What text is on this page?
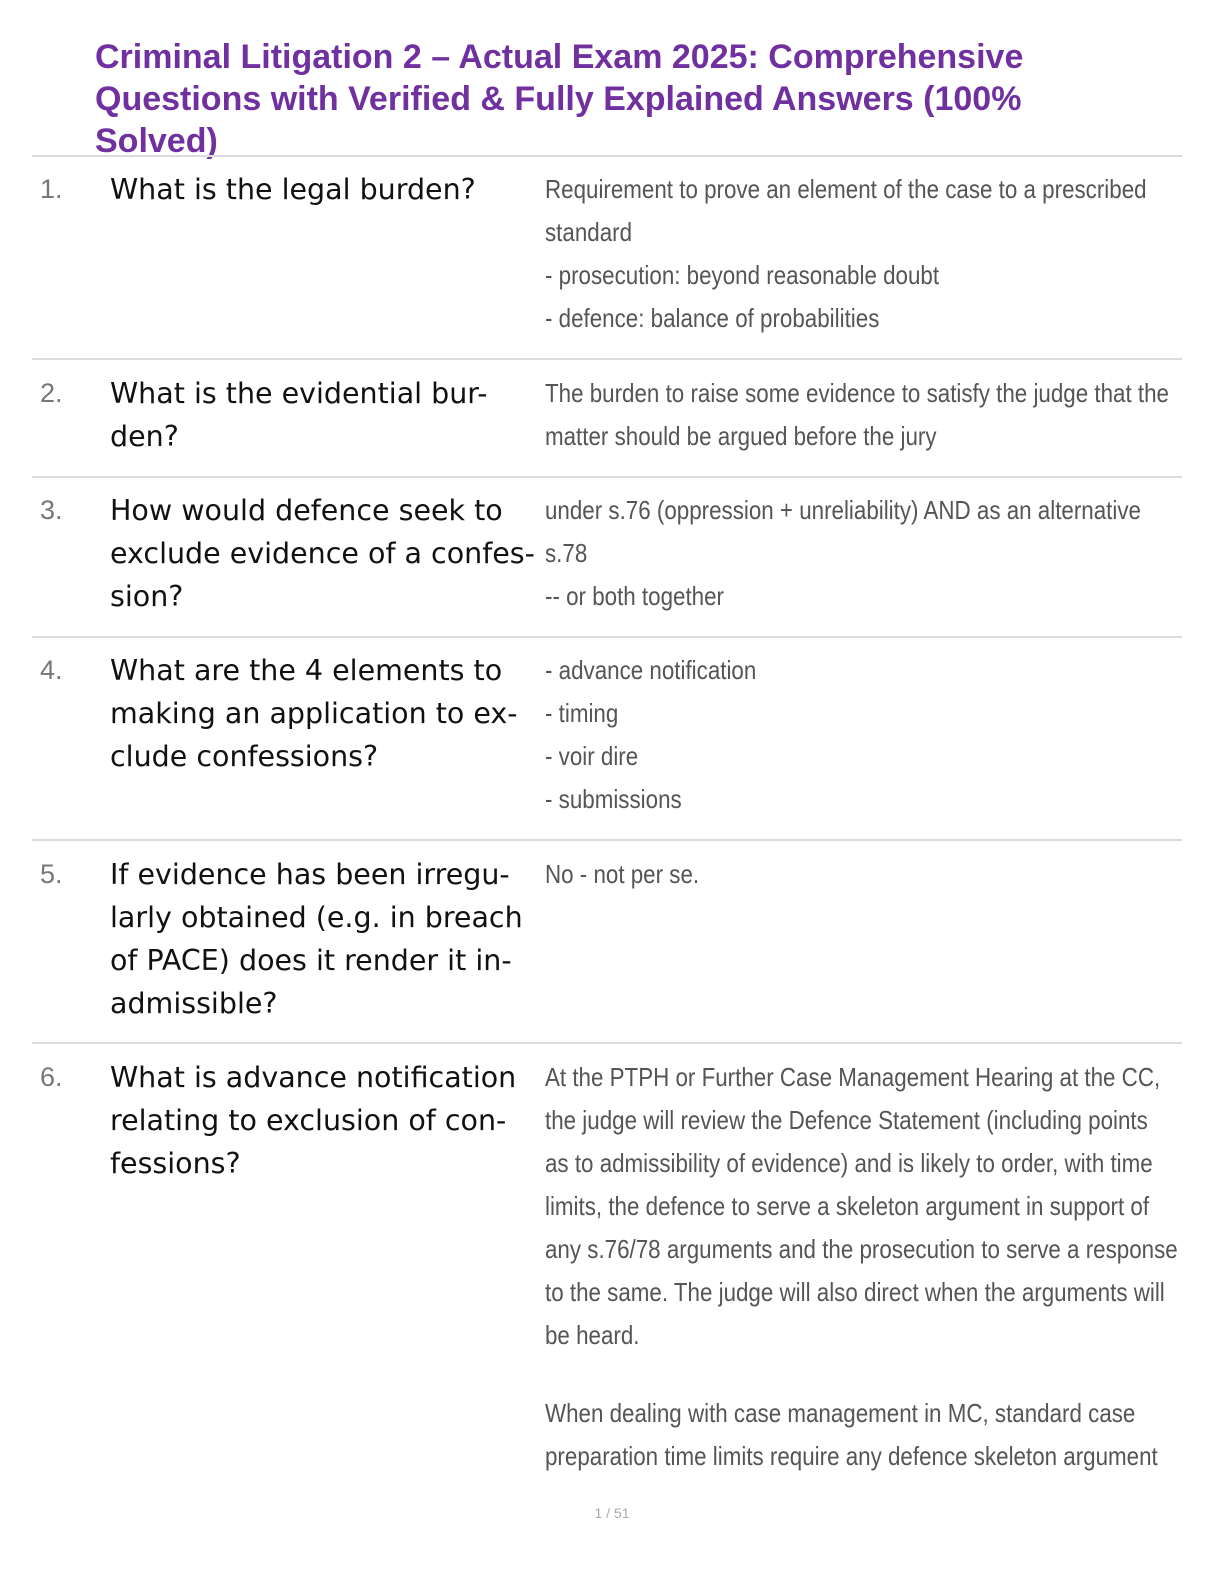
Criminal Litigation 2 – Actual Exam 2025: Comprehensive
Questions with Verified & Fully Explained Answers (100%
Solved)
1. What is the legal burden?	Requirement to prove an element of the case to a prescribed
standard
- prosecution: beyond reasonable doubt
- defence: balance of probabilities
2. What is the evidential bur-
den?
The burden to raise some evidence to satisfy the judge that the
matter should be argued before the jury
3. How would defence seek to
exclude evidence of a confes-
sion?
under s.76 (oppression + unreliability) AND as an alternative
s.78
-- or both together
4. What are the 4 elements to
making an application to ex-
clude confessions?
- advance notification
- timing
- voir dire
- submissions
5. If evidence has been irregu-
larly obtained (e.g. in breach
of PACE) does it render it in-
admissible?
No - not per se.
6. What is advance notification
relating to exclusion of con-
fessions?
At the PTPH or Further Case Management Hearing at the CC,
the judge will review the Defence Statement (including points
as to admissibility of evidence) and is likely to order, with time
limits, the defence to serve a skeleton argument in support of
any s.76/78 arguments and the prosecution to serve a response
to the same. The judge will also direct when the arguments will
be heard.
When dealing with case management in MC, standard case
preparation time limits require any defence skeleton argument
1 / 51
